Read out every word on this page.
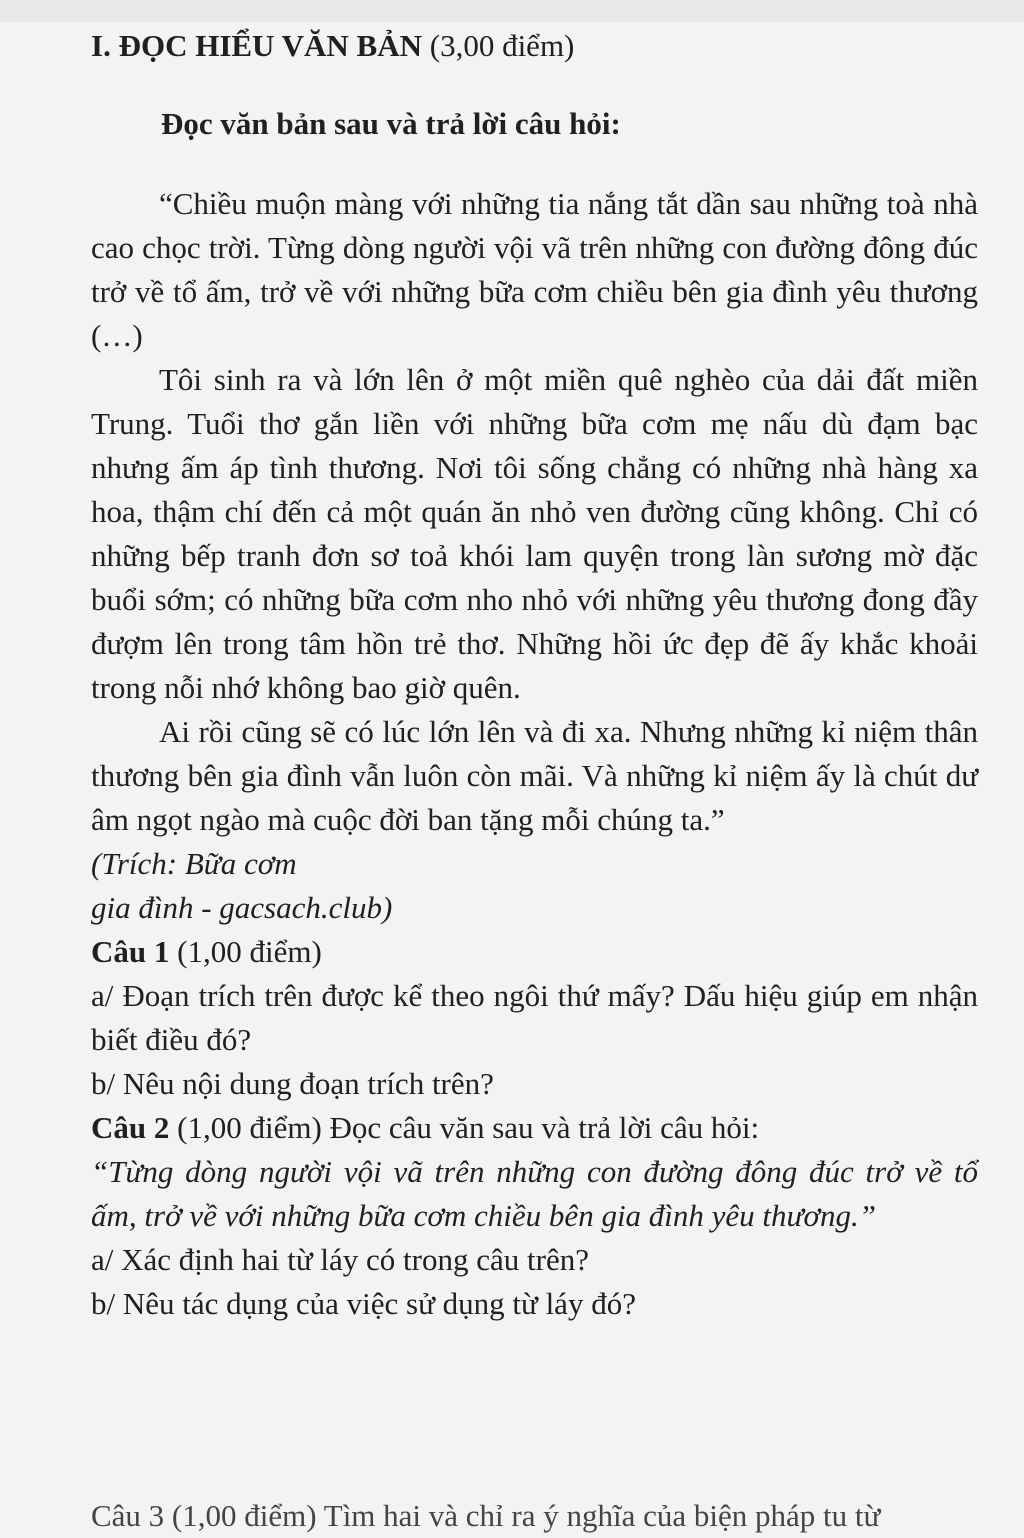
I. ĐỌC HIỂU VĂN BẢN (3,00 điểm)
Đọc văn bản sau và trả lời câu hỏi:

“Chiều muộn màng với những tia nắng tắt dần sau những toà nhà cao chọc trời. Từng dòng người vội vã trên những con đường đông đúc trở về tổ ấm, trở về với những bữa cơm chiều bên gia đình yêu thương (…)

Tôi sinh ra và lớn lên ở một miền quê nghèo của dải đất miền Trung. Tuổi thơ gắn liền với những bữa cơm mẹ nấu dù đạm bạc nhưng ấm áp tình thương. Nơi tôi sống chẳng có những nhà hàng xa hoa, thậm chí đến cả một quán ăn nhỏ ven đường cũng không. Chỉ có những bếp tranh đơn sơ toả khói lam quyện trong làn sương mờ đặc buổi sớm; có những bữa cơm nho nhỏ với những yêu thương đong đầy đượm lên trong tâm hồn trẻ thơ. Những hồi ức đẹp đẽ ấy khắc khoải trong nỗi nhớ không bao giờ quên.

Ai rồi cũng sẽ có lúc lớn lên và đi xa. Nhưng những kỉ niệm thân thương bên gia đình vẫn luôn còn mãi. Và những kỉ niệm ấy là chút dư âm ngọt ngào mà cuộc đời ban tặng mỗi chúng ta.”

(Trích: Bữa cơm
gia đình - gacsach.club)

Câu 1 (1,00 điểm)

a/ Đoạn trích trên được kể theo ngôi thứ mấy? Dấu hiệu giúp em nhận biết điều đó?

b/ Nêu nội dung đoạn trích trên?

Câu 2 (1,00 điểm) Đọc câu văn sau và trả lời câu hỏi:

“Từng dòng người vội vã trên những con đường đông đúc trở về tổ ấm, trở về với những bữa cơm chiều bên gia đình yêu thương.”

a/ Xác định hai từ láy có trong câu trên?

b/ Nêu tác dụng của việc sử dụng từ láy đó?

Câu 3 (1,00 điểm) Tìm hai và chỉ ra ý nghĩa của biện pháp tu từ
